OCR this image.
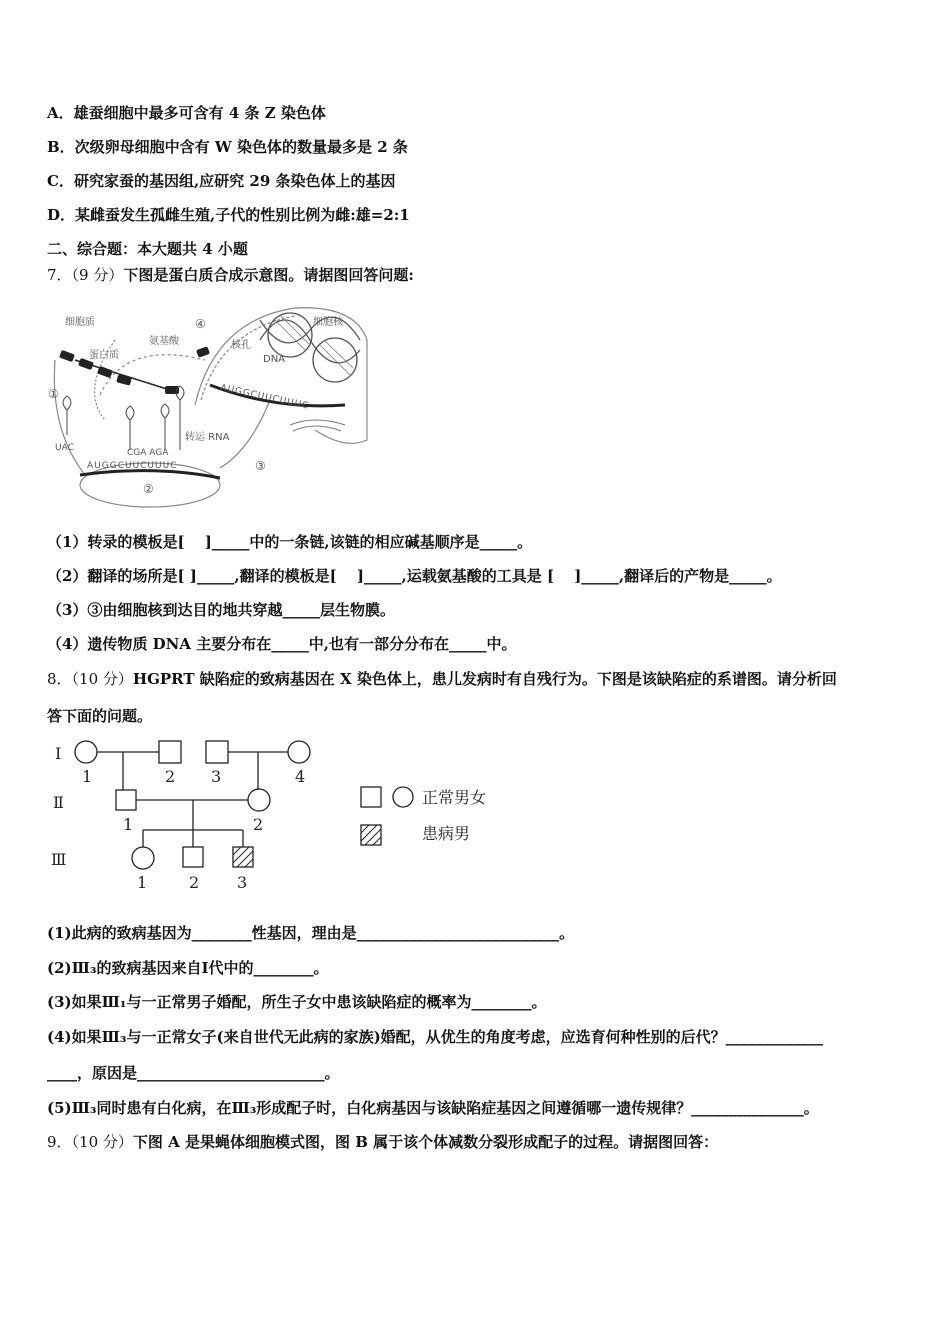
A．雄蚕细胞中最多可含有 4 条 Z 染色体
B．次级卵母细胞中含有 W 染色体的数量最多是 2 条
C．研究家蚕的基因组,应研究 29 条染色体上的基因
D．某雌蚕发生孤雌生殖,子代的性别比例为雌:雄=2:1
二、综合题：本大题共 4 小题
7．（9 分）下图是蛋白质合成示意图。请据图回答问题:
细胞质	细胞核
蛋白质
氨基酸	核孔
DNA
转运 RNA
④
①
②
③
UAC	CGA AGA
AUGGCUUCUUUC
AUGGCUUCUUUC
（1）转录的模板是[　 ]_____中的一条链,该链的相应碱基顺序是_____。
（2）翻译的场所是[ ]_____,翻译的模板是[　 ]_____,运载氨基酸的工具是 [　 ]_____,翻译后的产物是_____。
（3）③由细胞核到达目的地共穿越_____层生物膜。
（4）遗传物质 DNA 主要分布在_____中,也有一部分分布在_____中。
8．（10 分）HGPRT 缺陷症的致病基因在 X 染色体上，患儿发病时有自残行为。下图是该缺陷症的系谱图。请分析回
答下面的问题。
Ⅰ
Ⅱ
Ⅲ
1	2 3	4
1	2
1	2 3
正常男女
患病男
(1)此病的致病基因为________性基因，理由是___________________________。
(2)Ⅲ₃的致病基因来自Ⅰ代中的________。
(3)如果Ⅲ₁与一正常男子婚配，所生子女中患该缺陷症的概率为________。
(4)如果Ⅲ₃与一正常女子(来自世代无此病的家族)婚配，从优生的角度考虑，应选育何种性别的后代？_____________
____，原因是_________________________。
(5)Ⅲ₃同时患有白化病，在Ⅲ₃形成配子时，白化病基因与该缺陷症基因之间遵循哪一遗传规律？_______________。
9．（10 分）下图 A 是果蝇体细胞模式图，图 B 属于该个体减数分裂形成配子的过程。请据图回答：
